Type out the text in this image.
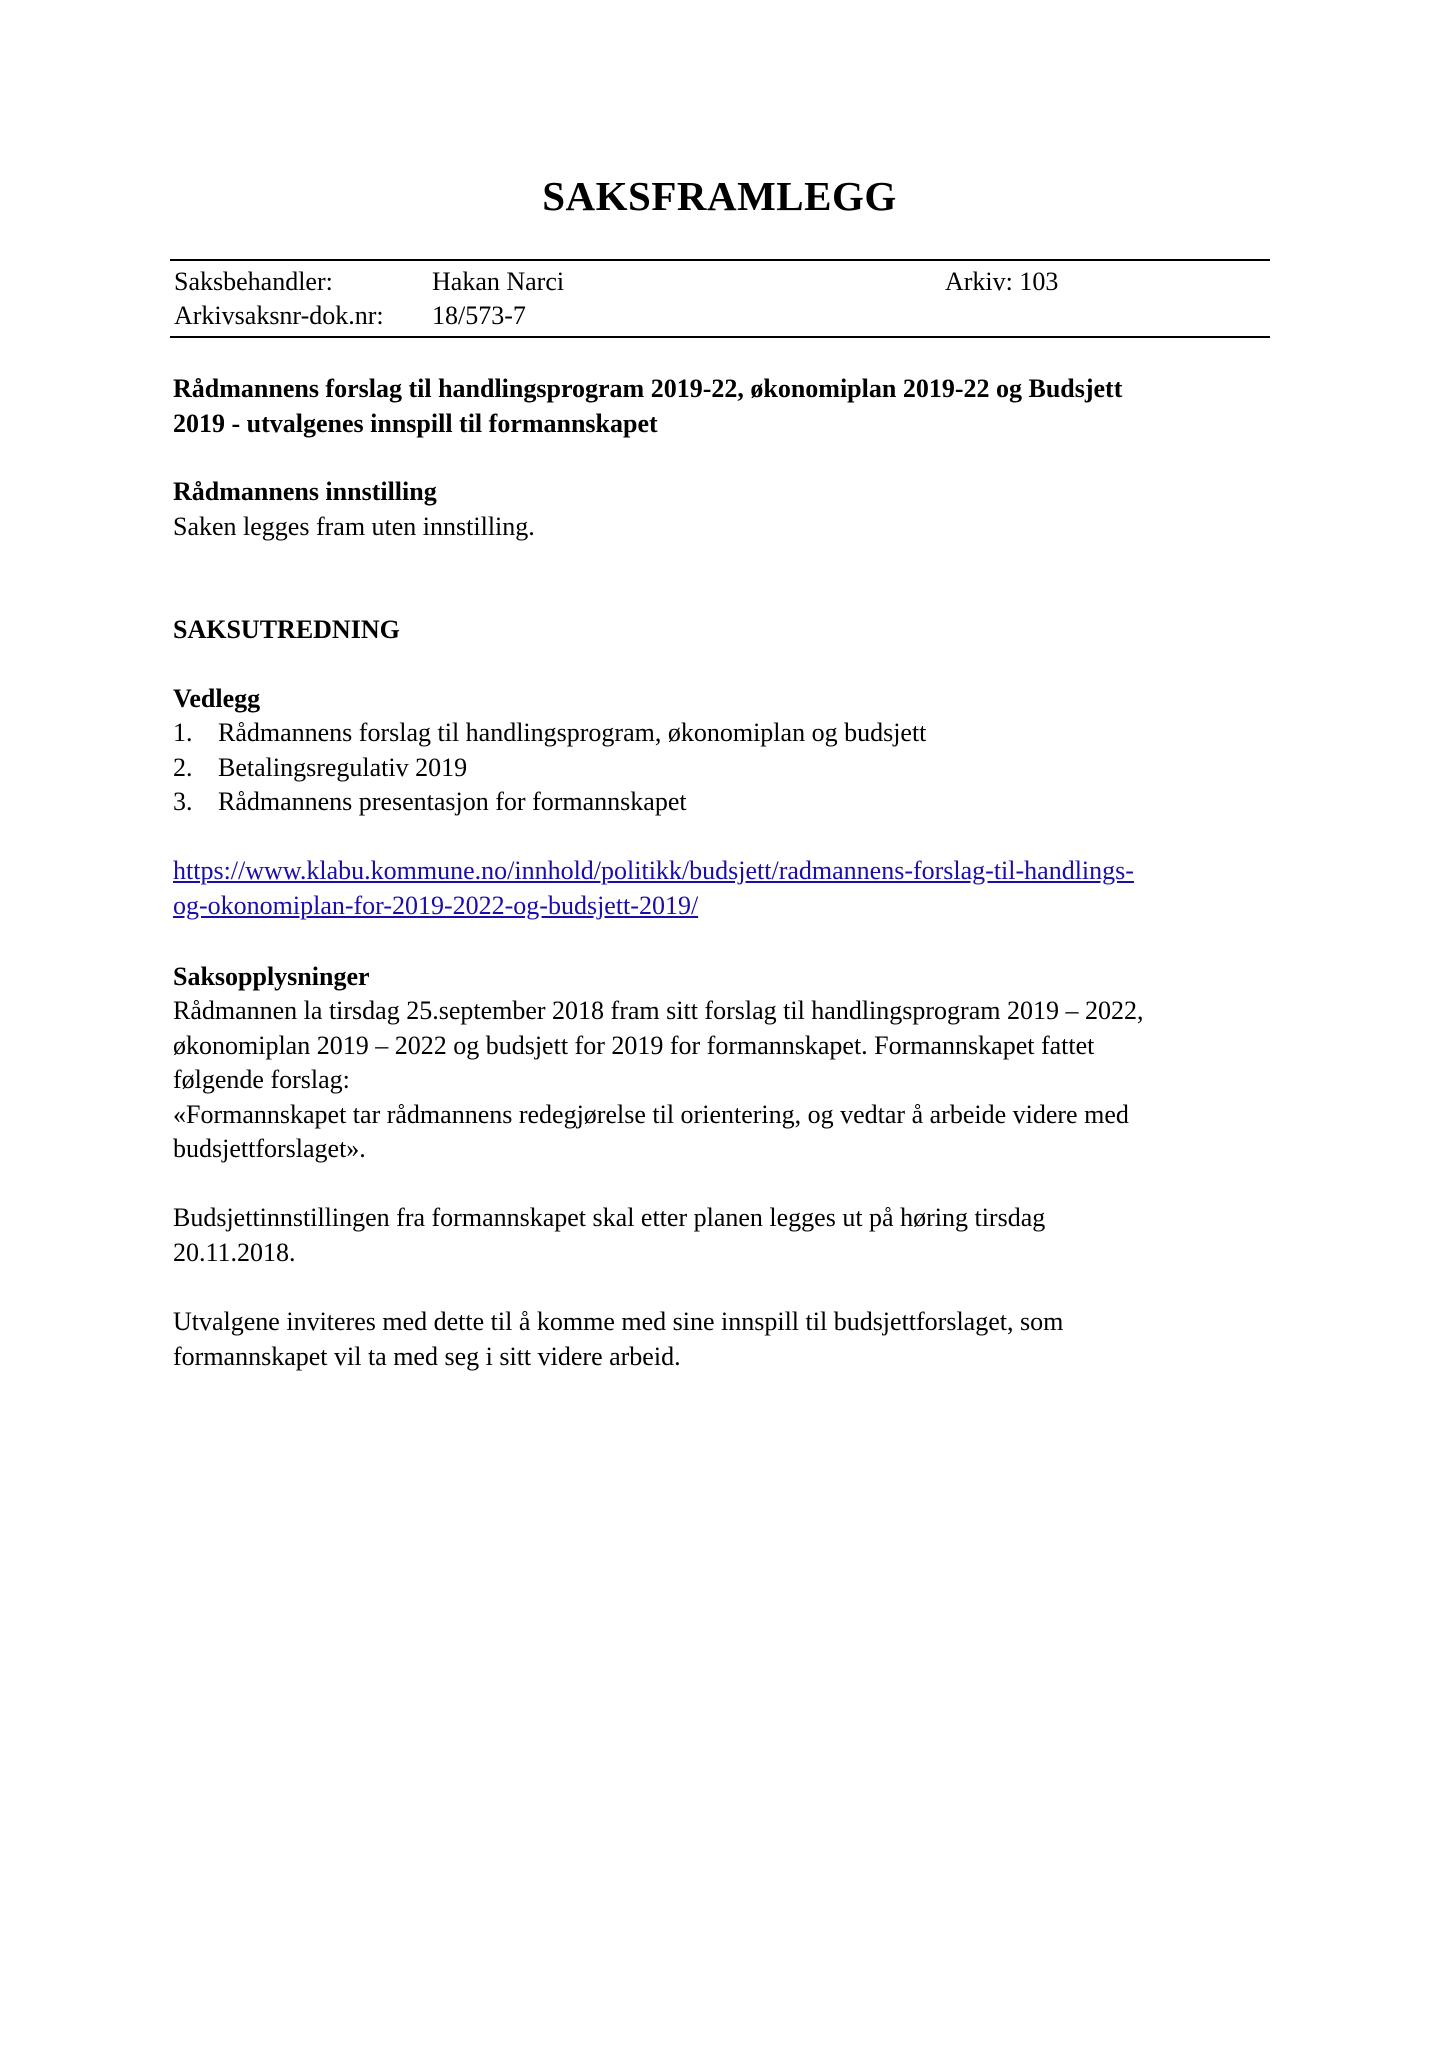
SAKSFRAMLEGG
Saksbehandler:	Hakan Narci	Arkiv: 103
Arkivsaksnr-dok.nr: 18/573-7
Rådmannens forslag til handlingsprogram 2019-22, økonomiplan 2019-22 og Budsjett
2019 - utvalgenes innspill til formannskapet
Rådmannens innstilling
Saken legges fram uten innstilling.
SAKSUTREDNING
Vedlegg
1. Rådmannens forslag til handlingsprogram, økonomiplan og budsjett
2. Betalingsregulativ 2019
3. Rådmannens presentasjon for formannskapet
https://www.klabu.kommune.no/innhold/politikk/budsjett/radmannens-forslag-til-handlings-
og-okonomiplan-for-2019-2022-og-budsjett-2019/
Saksopplysninger
Rådmannen la tirsdag 25.september 2018 fram sitt forslag til handlingsprogram 2019 – 2022,
økonomiplan 2019 – 2022 og budsjett for 2019 for formannskapet. Formannskapet fattet
følgende forslag:
«Formannskapet tar rådmannens redegjørelse til orientering, og vedtar å arbeide videre med
budsjettforslaget».
Budsjettinnstillingen fra formannskapet skal etter planen legges ut på høring tirsdag
20.11.2018.
Utvalgene inviteres med dette til å komme med sine innspill til budsjettforslaget, som
formannskapet vil ta med seg i sitt videre arbeid.
